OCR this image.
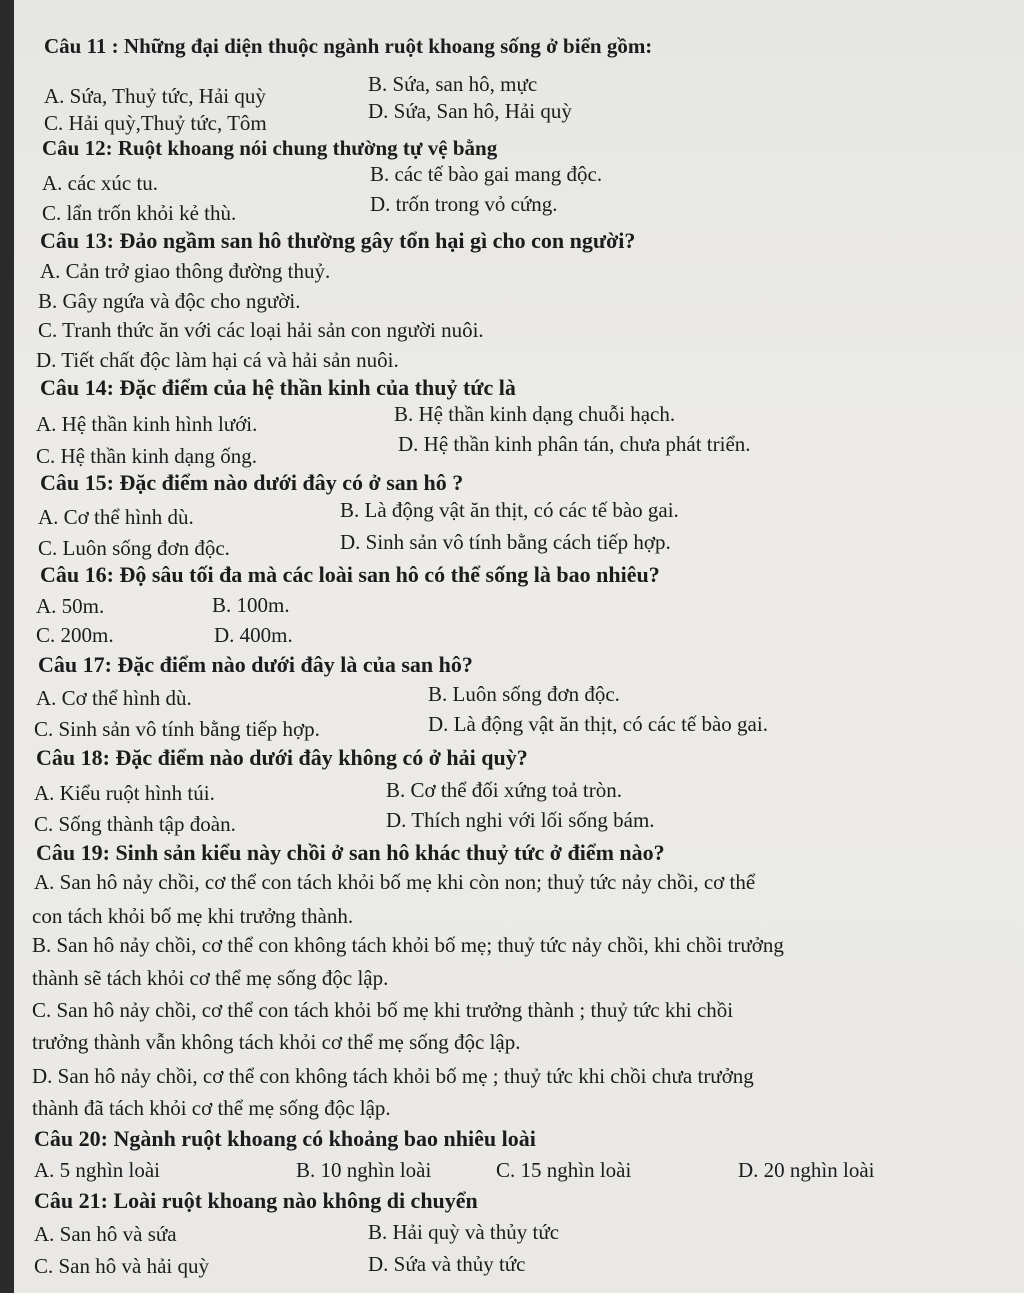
Câu 11 : Những đại diện thuộc ngành ruột khoang sống ở biển gồm:
A. Sứa, Thuỷ tức, Hải quỳ	B. Sứa, san hô, mực
C. Hải quỳ,Thuỷ tức, Tôm	D. Sứa, San hô, Hải quỳ
Câu 12: Ruột khoang nói chung thường tự vệ bằng
A. các xúc tu.	B. các tế bào gai mang độc.
C. lẩn trốn khỏi kẻ thù.	D. trốn trong vỏ cứng.
Câu 13: Đảo ngầm san hô thường gây tổn hại gì cho con người?
A. Cản trở giao thông đường thuỷ.
B. Gây ngứa và độc cho người.
C. Tranh thức ăn với các loại hải sản con người nuôi.
D. Tiết chất độc làm hại cá và hải sản nuôi.
Câu 14: Đặc điểm của hệ thần kinh của thuỷ tức là
A. Hệ thần kinh hình lưới.	B. Hệ thần kinh dạng chuỗi hạch.
C. Hệ thần kinh dạng ống.	D. Hệ thần kinh phân tán, chưa phát triển.
Câu 15: Đặc điểm nào dưới đây có ở san hô ?
A. Cơ thể hình dù.	B. Là động vật ăn thịt, có các tế bào gai.
C. Luôn sống đơn độc.	D. Sinh sản vô tính bằng cách tiếp hợp.
Câu 16: Độ sâu tối đa mà các loài san hô có thể sống là bao nhiêu?
A. 50m.	B. 100m.
C. 200m.	D. 400m.
Câu 17: Đặc điểm nào dưới đây là của san hô?
A. Cơ thể hình dù.	B. Luôn sống đơn độc.
C. Sinh sản vô tính bằng tiếp hợp.	D. Là động vật ăn thịt, có các tế bào gai.
Câu 18: Đặc điểm nào dưới đây không có ở hải quỳ?
A. Kiểu ruột hình túi.	B. Cơ thể đối xứng toả tròn.
C. Sống thành tập đoàn.	D. Thích nghi với lối sống bám.
Câu 19: Sinh sản kiểu này chồi ở san hô khác thuỷ tức ở điểm nào?
A. San hô nảy chồi, cơ thể con tách khỏi bố mẹ khi còn non; thuỷ tức nảy chồi, cơ thể
con tách khỏi bố mẹ khi trưởng thành.
B. San hô nảy chồi, cơ thể con không tách khỏi bố mẹ; thuỷ tức nảy chồi, khi chồi trưởng
thành sẽ tách khỏi cơ thể mẹ sống độc lập.
C. San hô nảy chồi, cơ thể con tách khỏi bố mẹ khi trưởng thành ; thuỷ tức khi chồi
trưởng thành vẫn không tách khỏi cơ thể mẹ sống độc lập.
D. San hô nảy chồi, cơ thể con không tách khỏi bố mẹ ; thuỷ tức khi chồi chưa trưởng
thành đã tách khỏi cơ thể mẹ sống độc lập.
Câu 20: Ngành ruột khoang có khoảng bao nhiêu loài
A. 5 nghìn loài	B. 10 nghìn loài	C. 15 nghìn loài	D. 20 nghìn loài
Câu 21: Loài ruột khoang nào không di chuyển
A. San hô và sứa	B. Hải quỳ và thủy tức
C. San hô và hải quỳ	D. Sứa và thủy tức
